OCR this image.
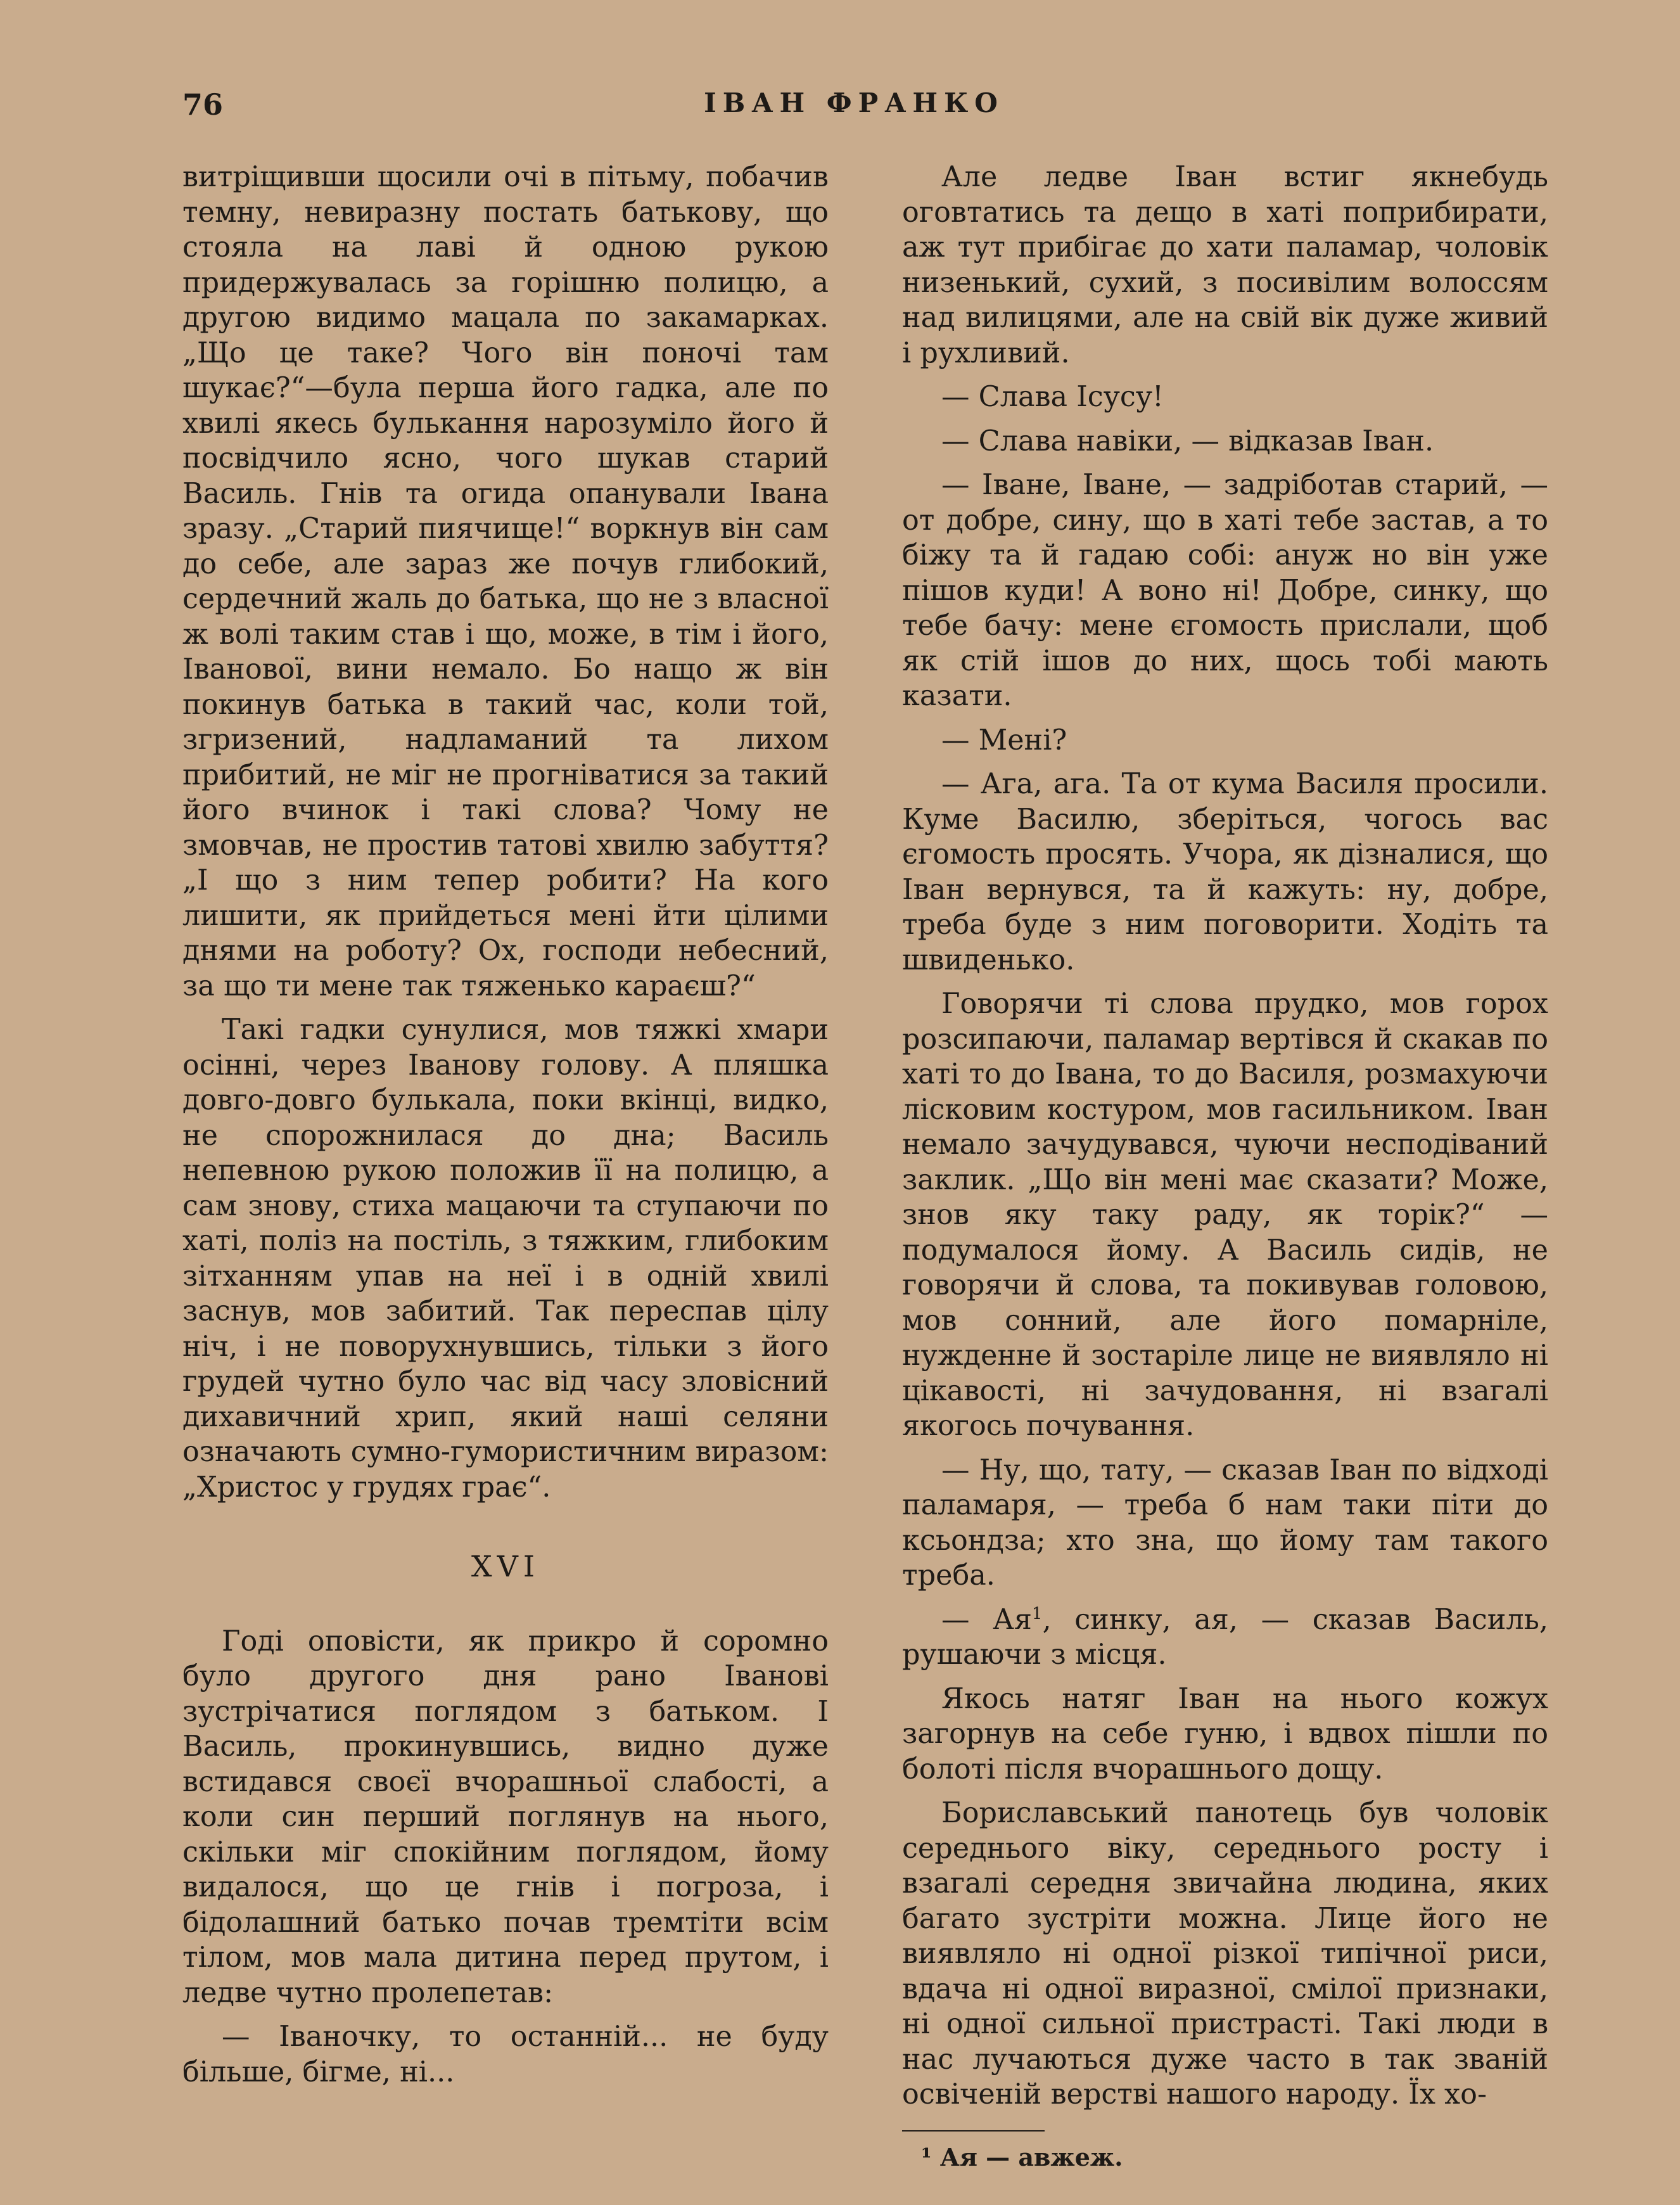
76	ІВАН ФРАНКО

витріщивши щосили очі в пітьму, побачив темну, невиразну постать батькову, що стояла на лаві й одною рукою придержувалась за горішню полицю, а другою видимо мацала по закамарках. „Що це таке? Чого він поночі там шукає?“—була перша його гадка, але по хвилі якесь булькання нарозуміло його й посвідчило ясно, чого шукав старий Василь. Гнів та огида опанували Івана зразу. „Старий пиячище!“ воркнув він сам до себе, але зараз же почув глибокий, сердечний жаль до батька, що не з власної ж волі таким став і що, може, в тім і його, Іванової, вини немало. Бо нащо ж він покинув батька в такий час, коли той, згризений, надламаний та лихом прибитий, не міг не прогніватися за такий його вчинок і такі слова? Чому не змовчав, не простив татові хвилю забуття? „І що з ним тепер робити? На кого лишити, як прийдеться мені йти цілими днями на роботу? Ох, господи небесний, за що ти мене так тяженько караєш?“

Такі гадки сунулися, мов тяжкі хмари осінні, через Іванову голову. А пляшка довго-довго булькала, поки вкінці, видко, не спорожнилася до дна; Василь непевною рукою положив її на полицю, а сам знову, стиха мацаючи та ступаючи по хаті, поліз на постіль, з тяжким, глибоким зітханням упав на неї і в одній хвилі заснув, мов забитий. Так переспав цілу ніч, і не поворухнувшись, тільки з його грудей чутно було час від часу зловісний дихавичний хрип, який наші селяни означають сумно-гумористичним виразом: „Христос у грудях грає“.

XVI

Годі оповісти, як прикро й соромно було другого дня рано Іванові зустрічатися поглядом з батьком. І Василь, прокинувшись, видно дуже встидався своєї вчорашньої слабості, а коли син перший поглянув на нього, скільки міг спокійним поглядом, йому видалося, що це гнів і погроза, і бідолашний батько почав тремтіти всім тілом, мов мала дитина перед прутом, і ледве чутно пролепетав:

— Іваночку, то останній... не буду більше, бігме, ні...

Але ледве Іван встиг якнебудь оговтатись та дещо в хаті поприбирати, аж тут прибігає до хати паламар, чоловік низенький, сухий, з посивілим волоссям над вилицями, але на свій вік дуже живий і рухливий.

— Слава Ісусу!

— Слава навіки, — відказав Іван.

— Іване, Іване, — задріботав старий, — от добре, сину, що в хаті тебе застав, а то біжу та й гадаю собі: ануж но він уже пішов куди! А воно ні! Добре, синку, що тебе бачу: мене єгомость прислали, щоб як стій ішов до них, щось тобі мають казати.

— Мені?

— Ага, ага. Та от кума Василя просили. Куме Василю, зберіться, чогось вас єгомость просять. Учора, як дізналися, що Іван вернувся, та й кажуть: ну, добре, треба буде з ним поговорити. Ходіть та швиденько.

Говорячи ті слова прудко, мов горох розсипаючи, паламар вертівся й скакав по хаті то до Івана, то до Василя, розмахуючи лісковим костуром, мов гасильником. Іван немало зачудувався, чуючи несподіваний заклик. „Що він мені має сказати? Може, знов яку таку раду, як торік?“ — подумалося йому. А Василь сидів, не говорячи й слова, та покивував головою, мов сонний, але його помарніле, нужденне й зостаріле лице не виявляло ні цікавості, ні зачудовання, ні взагалі якогось почування.

— Ну, що, тату, — сказав Іван по відході паламаря, — треба б нам таки піти до ксьондза; хто зна, що йому там такого треба.

— $Ая^1$, синку, ая, — сказав Василь, рушаючи з місця.

Якось натяг Іван на нього кожух загорнув на себе гуню, і вдвох пішли по болоті після вчорашнього дощу.

Бориславський панотець був чоловік середнього віку, середнього росту і взагалі середня звичайна людина, яких багато зустріти можна. Лице його не виявляло ні одної різкої типічної риси, вдача ні одної виразної, смілої признаки, ні одної сильної пристрасті. Такі люди в нас лучаються дуже часто в так званій освіченій верстві нашого народу. Їх хо-

¹ Ая — авжеж.
